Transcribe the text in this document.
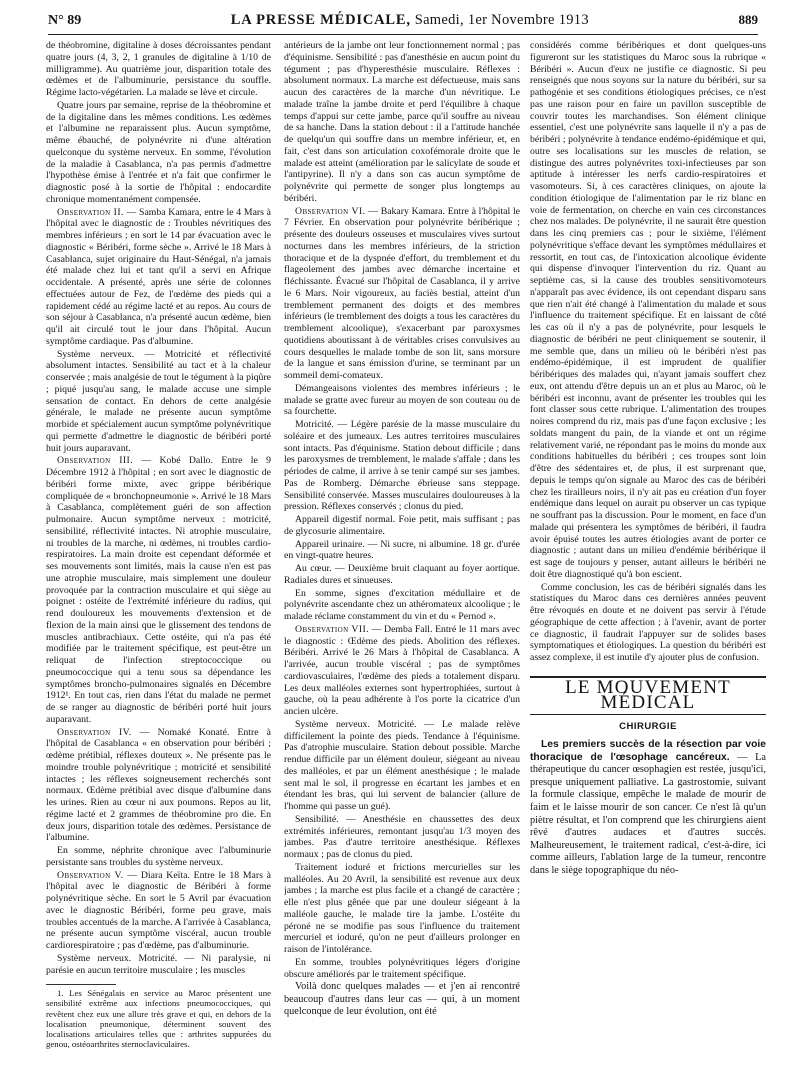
N° 89	LA PRESSE MÉDICALE, Samedi, 1er Novembre 1913	889

de théobromine, digitaline à doses décroissantes pendant quatre jours (4, 3, 2, 1 granules de digitaline à 1/10 de milligramme). Au quatrième jour, disparition totale des œdèmes et de l'albuminurie, persistance du souffle. Régime lacto-végétarien. La malade se lève et circule.

Quatre jours par semaine, reprise de la théobromine et de la digitaline dans les mêmes conditions. Les œdèmes et l'albumine ne reparaissent plus. Aucun symptôme, même ébauché, de polynévrite ni d'une altération quelconque du système nerveux. En somme, l'évolution de la maladie à Casablanca, n'a pas permis d'admettre l'hypothèse émise à l'entrée et n'a fait que confirmer le diagnostic posé à la sortie de l'hôpital : endocardite chronique momentanément compensée.

Observation II. — Samba Kamara, entre le 4 Mars à l'hôpital avec le diagnostic de : Troubles névritiques des membres inférieurs ; en sort le 14 par évacuation avec le diagnostic « Béribéri, forme sèche ». Arrivé le 18 Mars à Casablanca, sujet originaire du Haut-Sénégal, n'a jamais été malade chez lui et tant qu'il a servi en Afrique occidentale. A présenté, après une série de colonnes effectuées autour de Fez, de l'œdème des pieds qui a rapidement cédé au régime lacté et au repos. Au cours de son séjour à Casablanca, n'a présenté aucun œdème, bien qu'il ait circulé tout le jour dans l'hôpital. Aucun symptôme cardiaque. Pas d'albumine.

Système nerveux. — Motricité et réflectivité absolument intactes. Sensibilité au tact et à la chaleur conservée ; mais analgésie de tout le tégument à la piqûre ; piqué jusqu'au sang, le malade accuse une simple sensation de contact. En dehors de cette analgésie générale, le malade ne présente aucun symptôme morbide et spécialement aucun symptôme polynévritique qui permette d'admettre le diagnostic de béribéri porté huit jours auparavant.

Observation III. — Kobé Dallo. Entre le 9 Décembre 1912 à l'hôpital ; en sort avec le diagnostic de béribéri forme mixte, avec grippe béribérique compliquée de « bronchopneumonie ». Arrivé le 18 Mars à Casablanca, complètement guéri de son affection pulmonaire. Aucun symptôme nerveux : motricité, sensibilité, réflectivité intactes. Ni atrophie musculaire, ni troubles de la marche, ni œdèmes, ni troubles cardio-respiratoires. La main droite est cependant déformée et ses mouvements sont limités, mais la cause n'en est pas une atrophie musculaire, mais simplement une douleur provoquée par la contraction musculaire et qui siège au poignet : ostéite de l'extrémité inférieure du radius, qui rend douloureux les mouvements d'extension et de flexion de la main ainsi que le glissement des tendons de muscles antibrachiaux. Cette ostéite, qui n'a pas été modifiée par le traitement spécifique, est peut-être un reliquat de l'infection streptococcique ou pneumococcique qui a tenu sous sa dépendance les symptômes broncho-pulmonaires signalés en Décembre 1912¹. En tout cas, rien dans l'état du malade ne permet de se ranger au diagnostic de béribéri porté huit jours auparavant.

Observation IV. — Nomaké Konaté. Entre à l'hôpital de Casablanca « en observation pour béribéri ; œdème prétibial, réflexes douteux ». Ne présente pas le moindre trouble polynévritique ; motricité et sensibilité intactes ; les réflexes soigneusement recherchés sont normaux. Œdème prétibial avec disque d'albumine dans les urines. Rien au cœur ni aux poumons. Repos au lit, régime lacté et 2 grammes de théobromine pro die. En deux jours, disparition totale des œdèmes. Persistance de l'albumine.

En somme, néphrite chronique avec l'albuminurie persistante sans troubles du système nerveux.

Observation V. — Diara Keïta. Entre le 18 Mars à l'hôpital avec le diagnostic de Béribéri à forme polynévritique sèche. En sort le 5 Avril par évacuation avec le diagnostic Béribéri, forme peu grave, mais troubles accentués de la marche. A l'arrivée à Casablanca, ne présente aucun symptôme viscéral, aucun trouble cardiorespiratoire ; pas d'œdème, pas d'albuminurie.

Système nerveux. Motricité. — Ni paralysie, ni parésie en aucun territoire musculaire ; les muscles

1. Les Sénégalais en service au Maroc présentent une sensibilité extrême aux infections pneumococciques, qui revêtent chez eux une allure très grave et qui, en dehors de la localisation pneumonique, déterminent souvent des localisations articulaires telles que : arthrites suppurées du genou, ostéoarthrites sternoclaviculaires.

antérieurs de la jambe ont leur fonctionnement normal ; pas d'équinisme. Sensibilité : pas d'anesthésie en aucun point du tégument ; pas d'hyperesthésie musculaire. Réflexes : absolument normaux. La marche est défectueuse, mais sans aucun des caractères de la marche d'un névritique. Le malade traîne la jambe droite et perd l'équilibre à chaque temps d'appui sur cette jambe, parce qu'il souffre au niveau de sa hanche. Dans la station debout : il a l'attitude hanchée de quelqu'un qui souffre dans un membre inférieur, et, en fait, c'est dans son articulation coxofémorale droite que le malade est atteint (amélioration par le salicylate de soude et l'antipyrine). Il n'y a dans son cas aucun symptôme de polynévrite qui permette de songer plus longtemps au béribéri.

Observation VI. — Bakary Kamara. Entre à l'hôpital le 7 Février. En observation pour polynévrite béribérique ; présente des douleurs osseuses et musculaires vives surtout nocturnes dans les membres inférieurs, de la striction thoracique et de la dyspnée d'effort, du tremblement et du flageolement des jambes avec démarche incertaine et fléchissante. Évacué sur l'hôpital de Casablanca, il y arrive le 6 Mars. Noir vigoureux, au faciès bestial, atteint d'un tremblement permanent des doigts et des membres inférieurs (le tremblement des doigts a tous les caractères du tremblement alcoolique), s'exacerbant par paroxysmes quotidiens aboutissant à de véritables crises convulsives au cours desquelles le malade tombe de son lit, sans morsure de la langue et sans émission d'urine, se terminant par un sommeil demi-comateux.

Démangeaisons violentes des membres inférieurs ; le malade se gratte avec fureur au moyen de son couteau ou de sa fourchette.

Motricité. — Légère parésie de la masse musculaire du soléaire et des jumeaux. Les autres territoires musculaires sont intacts. Pas d'équinisme. Station debout difficile ; dans les paroxysmes de tremblement, le malade s'affale ; dans les périodes de calme, il arrive à se tenir campé sur ses jambes. Pas de Romberg. Démarche ébrieuse sans steppage. Sensibilité conservée. Masses musculaires douloureuses à la pression. Réflexes conservés ; clonus du pied.

Appareil digestif normal. Foie petit, mais suffisant ; pas de glycosurie alimentaire.

Appareil urinaire. — Ni sucre, ni albumine. 18 gr. d'urée en vingt-quatre heures.

Au cœur. — Deuxième bruit claquant au foyer aortique. Radiales dures et sinueuses.

En somme, signes d'excitation médullaire et de polynévrite ascendante chez un athéromateux alcoolique ; le malade réclame constamment du vin et du « Pernod ».

Observation VII. — Demba Fall. Entré le 11 mars avec le diagnostic : Œdème des pieds. Abolition des réflexes. Béribéri. Arrivé le 26 Mars à l'hôpital de Casablanca. A l'arrivée, aucun trouble viscéral ; pas de symptômes cardiovasculaires, l'œdème des pieds a totalement disparu. Les deux malléoles externes sont hypertrophiées, surtout à gauche, où la peau adhérente à l'os porte la cicatrice d'un ancien ulcère.

Système nerveux. Motricité. — Le malade relève difficilement la pointe des pieds. Tendance à l'équinisme. Pas d'atrophie musculaire. Station debout possible. Marche rendue difficile par un élément douleur, siégeant au niveau des malléoles, et par un élément anesthésique ; le malade sent mal le sol, il progresse en écartant les jambes et en étendant les bras, qui lui servent de balancier (allure de l'homme qui passe un gué).

Sensibilité. — Anesthésie en chaussettes des deux extrémités inférieures, remontant jusqu'au 1/3 moyen des jambes. Pas d'autre territoire anesthésique. Réflexes normaux ; pas de clonus du pied.

Traitement ioduré et frictions mercurielles sur les malléoles. Au 20 Avril, la sensibilité est revenue aux deux jambes ; la marche est plus facile et a changé de caractère ; elle n'est plus gênée que par une douleur siégeant à la malléole gauche, le malade tire la jambe. L'ostéite du péroné ne se modifie pas sous l'influence du traitement mercuriel et ioduré, qu'on ne peut d'ailleurs prolonger en raison de l'intolérance.

En somme, troubles polynévritiques légers d'origine obscure améliorés par le traitement spécifique.

Voilà donc quelques malades — et j'en ai rencontré beaucoup d'autres dans leur cas — qui, à un moment quelconque de leur évolution, ont été

considérés comme béribériques et dont quelques-uns figureront sur les statistiques du Maroc sous la rubrique « Béribéri ». Aucun d'eux ne justifie ce diagnostic. Si peu renseignés que nous soyons sur la nature du béribéri, sur sa pathogénie et ses conditions étiologiques précises, ce n'est pas une raison pour en faire un pavillon susceptible de couvrir toutes les marchandises. Son élément clinique essentiel, c'est une polynévrite sans laquelle il n'y a pas de béribéri ; polynévrite à tendance endémo-épidémique et qui, outre ses localisations sur les muscles de relation, se distingue des autres polynévrites toxi-infectieuses par son aptitude à intéresser les nerfs cardio-respiratoires et vasomoteurs. Si, à ces caractères cliniques, on ajoute la condition étiologique de l'alimentation par le riz blanc en voie de fermentation, on cherche en vain ces circonstances chez nos malades. De polynévrite, il ne saurait être question dans les cinq premiers cas ; pour le sixième, l'élément polynévritique s'efface devant les symptômes médullaires et ressortit, en tout cas, de l'intoxication alcoolique évidente qui dispense d'invoquer l'intervention du riz. Quant au septième cas, si la cause des troubles sensitivomoteurs n'apparaît pas avec évidence, ils ont cependant disparu sans que rien n'ait été changé à l'alimentation du malade et sous l'influence du traitement spécifique. Et en laissant de côté les cas où il n'y a pas de polynévrite, pour lesquels le diagnostic de béribéri ne peut cliniquement se soutenir, il me semble que, dans un milieu où le béribéri n'est pas endémo-épidémique, il est imprudent de qualifier béribériques des malades qui, n'ayant jamais souffert chez eux, ont attendu d'être depuis un an et plus au Maroc, où le béribéri est inconnu, avant de présenter les troubles qui les font classer sous cette rubrique. L'alimentation des troupes noires comprend du riz, mais pas d'une façon exclusive ; les soldats mangent du pain, de la viande et ont un régime relativement varié, ne répondant pas le moins du monde aux conditions habituelles du béribéri ; ces troupes sont loin d'être des sédentaires et, de plus, il est surprenant que, depuis le temps qu'on signale au Maroc des cas de béribéri chez les tirailleurs noirs, il n'y ait pas eu création d'un foyer endémique dans lequel on aurait pu observer un cas typique ne souffrant pas la discussion. Pour le moment, en face d'un malade qui présentera les symptômes de béribéri, il faudra avoir épuisé toutes les autres étiologies avant de porter ce diagnostic ; autant dans un milieu d'endémie béribérique il est sage de toujours y penser, autant ailleurs le béribéri ne doit être diagnostiqué qu'à bon escient.

Comme conclusion, les cas de béribéri signalés dans les statistiques du Maroc dans ces dernières années peuvent être révoqués en doute et ne doivent pas servir à l'étude géographique de cette affection ; à l'avenir, avant de porter ce diagnostic, il faudrait l'appuyer sur de solides bases symptomatiques et étiologiques. La question du béribéri est assez complexe, il est inutile d'y ajouter plus de confusion.

LE MOUVEMENT MÉDICAL
CHIRURGIE

Les premiers succès de la résection par voie thoracique de l'œsophage cancéreux. — La thérapeutique du cancer œsophagien est restée, jusqu'ici, presque uniquement palliative. La gastrostomie, suivant la formule classique, empêche le malade de mourir de faim et le laisse mourir de son cancer. Ce n'est là qu'un piètre résultat, et l'on comprend que les chirurgiens aient rêvé d'autres audaces et d'autres succès. Malheureusement, le traitement radical, c'est-à-dire, ici comme ailleurs, l'ablation large de la tumeur, rencontre dans le siège topographique du néo-
